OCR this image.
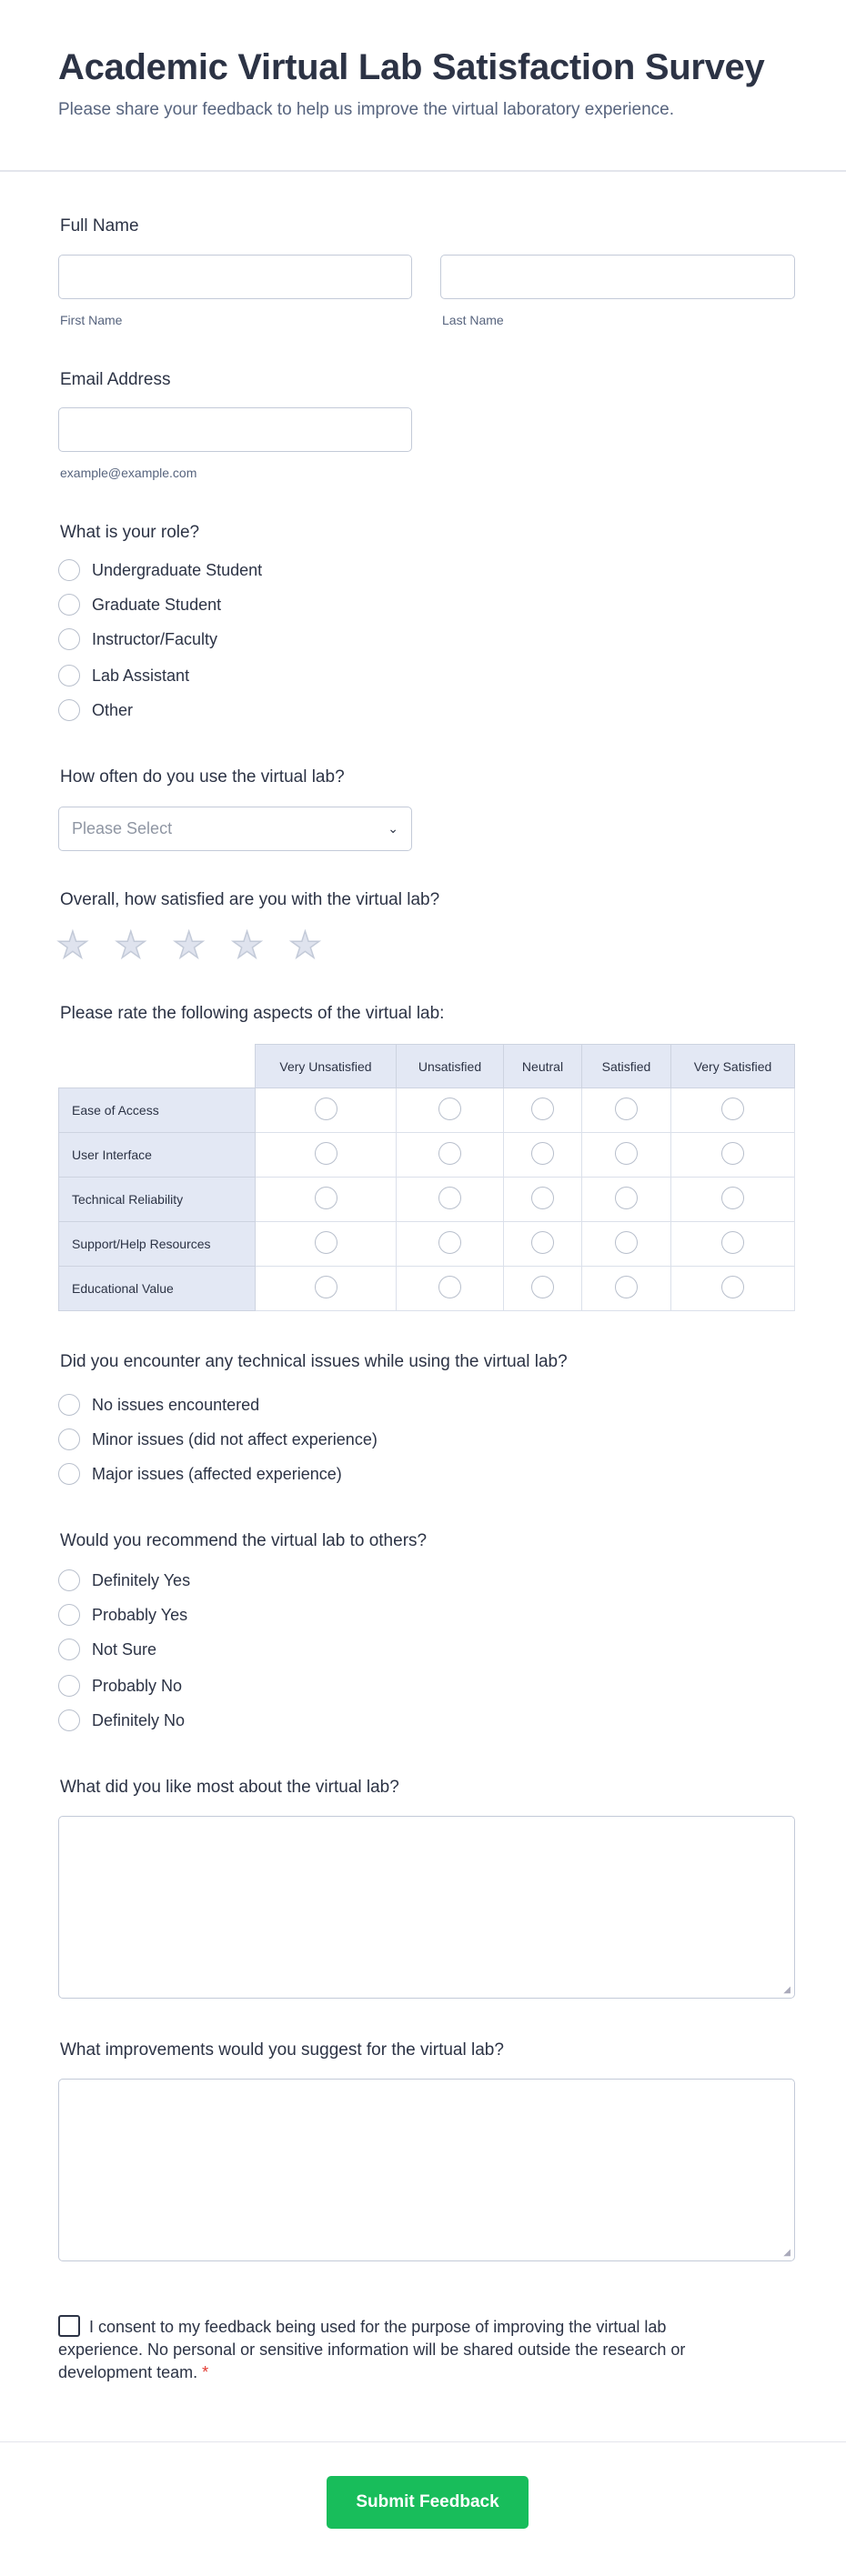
Academic Virtual Lab Satisfaction Survey
Please share your feedback to help us improve the virtual laboratory experience.
Full Name
First Name	Last Name
Email Address
example@example.com
What is your role?
Undergraduate Student
Graduate Student
Instructor/Faculty
Lab Assistant
Other
How often do you use the virtual lab?
Please Select	⌄
Overall, how satisfied are you with the virtual lab?
★ ★ ★ ★ ★
Please rate the following aspects of the virtual lab:
	Very Unsatisfied	Unsatisfied	Neutral	Satisfied	Very Satisfied
Ease of Access					
User Interface					
Technical Reliability					
Support/Help Resources					
Educational Value					
Did you encounter any technical issues while using the virtual lab?
No issues encountered
Minor issues (did not affect experience)
Major issues (affected experience)
Would you recommend the virtual lab to others?
Definitely Yes
Probably Yes
Not Sure
Probably No
Definitely No
What did you like most about the virtual lab?
◢
What improvements would you suggest for the virtual lab?
◢
I consent to my feedback being used for the purpose of improving the virtual lab experience. No personal or sensitive information will be shared outside the research or development team. *
Submit Feedback
